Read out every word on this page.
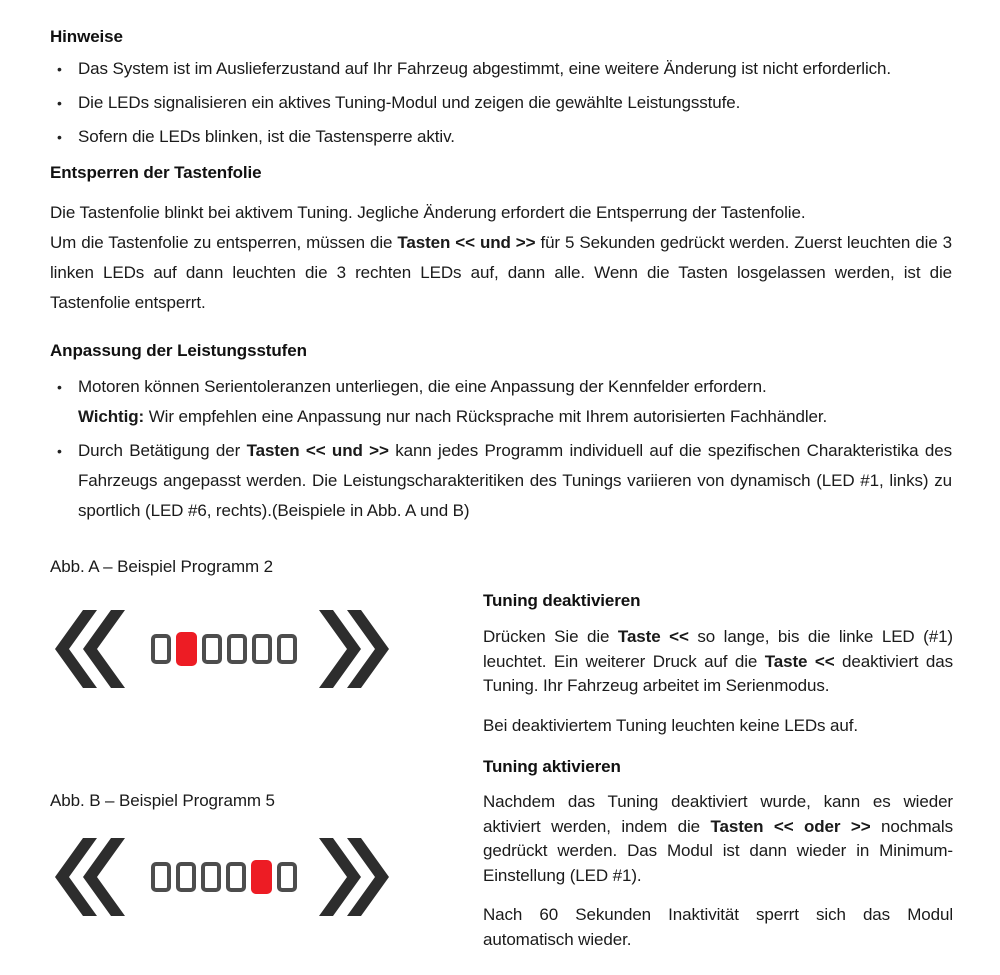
Hinweise
• Das System ist im Auslieferzustand auf Ihr Fahrzeug abgestimmt, eine weitere Änderung ist nicht erforderlich.
• Die LEDs signalisieren ein aktives Tuning-Modul und zeigen die gewählte Leistungsstufe.
• Sofern die LEDs blinken, ist die Tastensperre aktiv.
Entsperren der Tastenfolie
Die Tastenfolie blinkt bei aktivem Tuning. Jegliche Änderung erfordert die Entsperrung der Tastenfolie.
Um die Tastenfolie zu entsperren, müssen die Tasten << und >> für 5 Sekunden gedrückt werden. Zuerst leuchten die 3 linken LEDs auf dann leuchten die 3 rechten LEDs auf, dann alle. Wenn die Tasten losgelassen werden, ist die Tastenfolie entsperrt.
Anpassung der Leistungsstufen
• Motoren können Serientoleranzen unterliegen, die eine Anpassung der Kennfelder erfordern.
Wichtig: Wir empfehlen eine Anpassung nur nach Rücksprache mit Ihrem autorisierten Fachhändler.
• Durch Betätigung der Tasten << und >> kann jedes Programm individuell auf die spezifischen Charakteristika des Fahrzeugs angepasst werden. Die Leistungscharakteritiken des Tunings variieren von dynamisch (LED #1, links) zu sportlich (LED #6, rechts).(Beispiele in Abb. A und B)
Abb. A – Beispiel Programm 2
Abb. B – Beispiel Programm 5
Tuning deaktivieren

Drücken Sie die Taste << so lange, bis die linke LED (#1) leuchtet. Ein weiterer Druck auf die Taste << deaktiviert das Tuning. Ihr Fahrzeug arbeitet im Serienmodus.

Bei deaktiviertem Tuning leuchten keine LEDs auf.

Tuning aktivieren

Nachdem das Tuning deaktiviert wurde, kann es wieder aktiviert werden, indem die Tasten << oder >> nochmals gedrückt werden. Das Modul ist dann wieder in Minimum-Einstellung (LED #1).

Nach 60 Sekunden Inaktivität sperrt sich das Modul automatisch wieder.
